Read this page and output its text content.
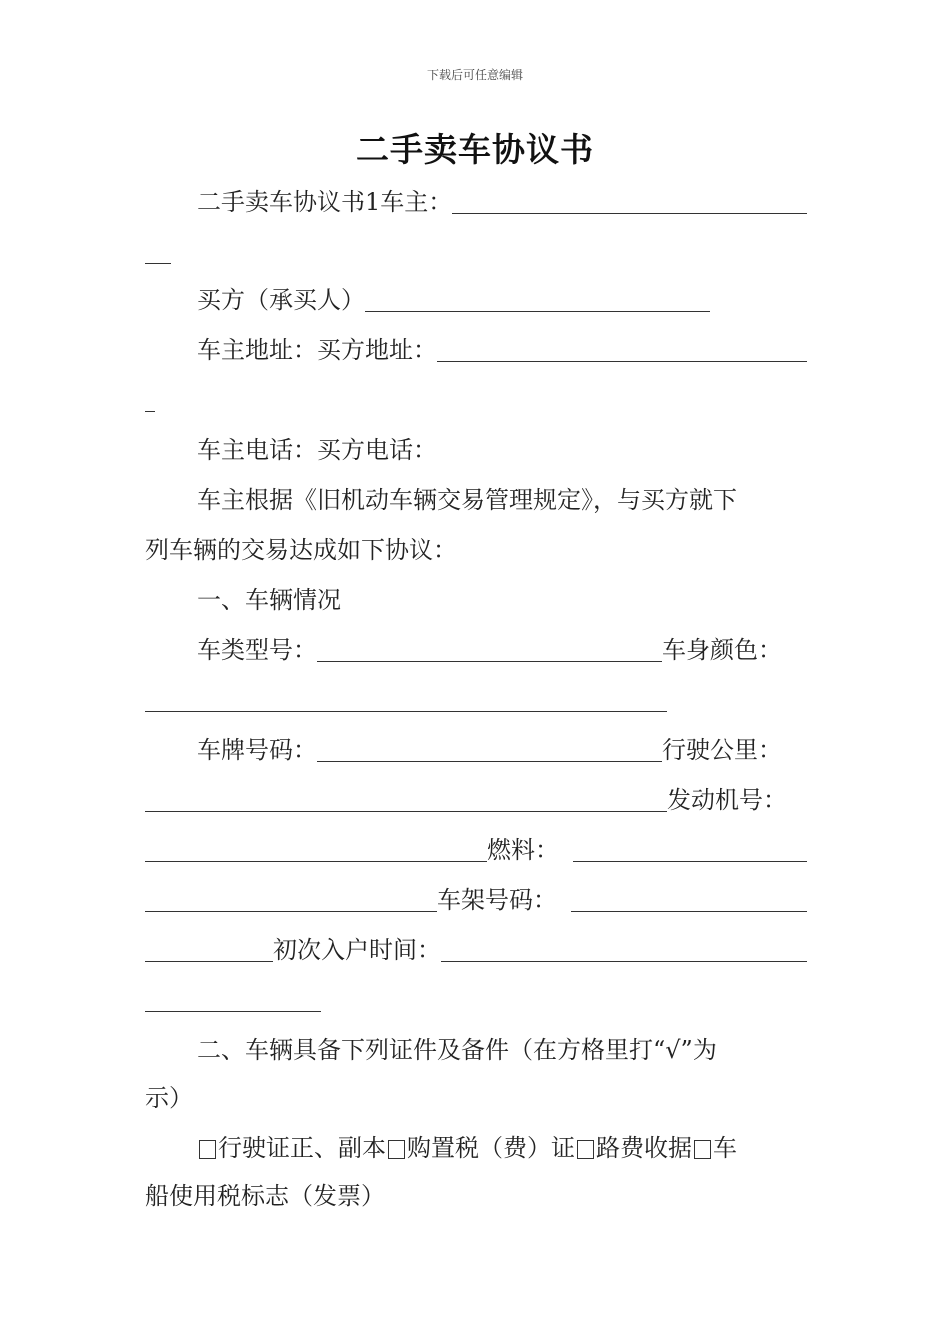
下载后可任意编辑
二手卖车协议书
二手卖车协议书1车主：
买方（承买人）
车主地址：买方地址：
车主电话：买方电话：
车主根据《旧机动车辆交易管理规定》，与买方就下
列车辆的交易达成如下协议：
一、车辆情况
车类型号：	车身颜色：
车牌号码：	行驶公里：
发动机号：
燃料：
车架号码：
初次入户时间：
二、车辆具备下列证件及备件（在方格里打“√”为
示）
行驶证正、副本 购置税（费）证 路费收据 车
船使用税标志（发票）
